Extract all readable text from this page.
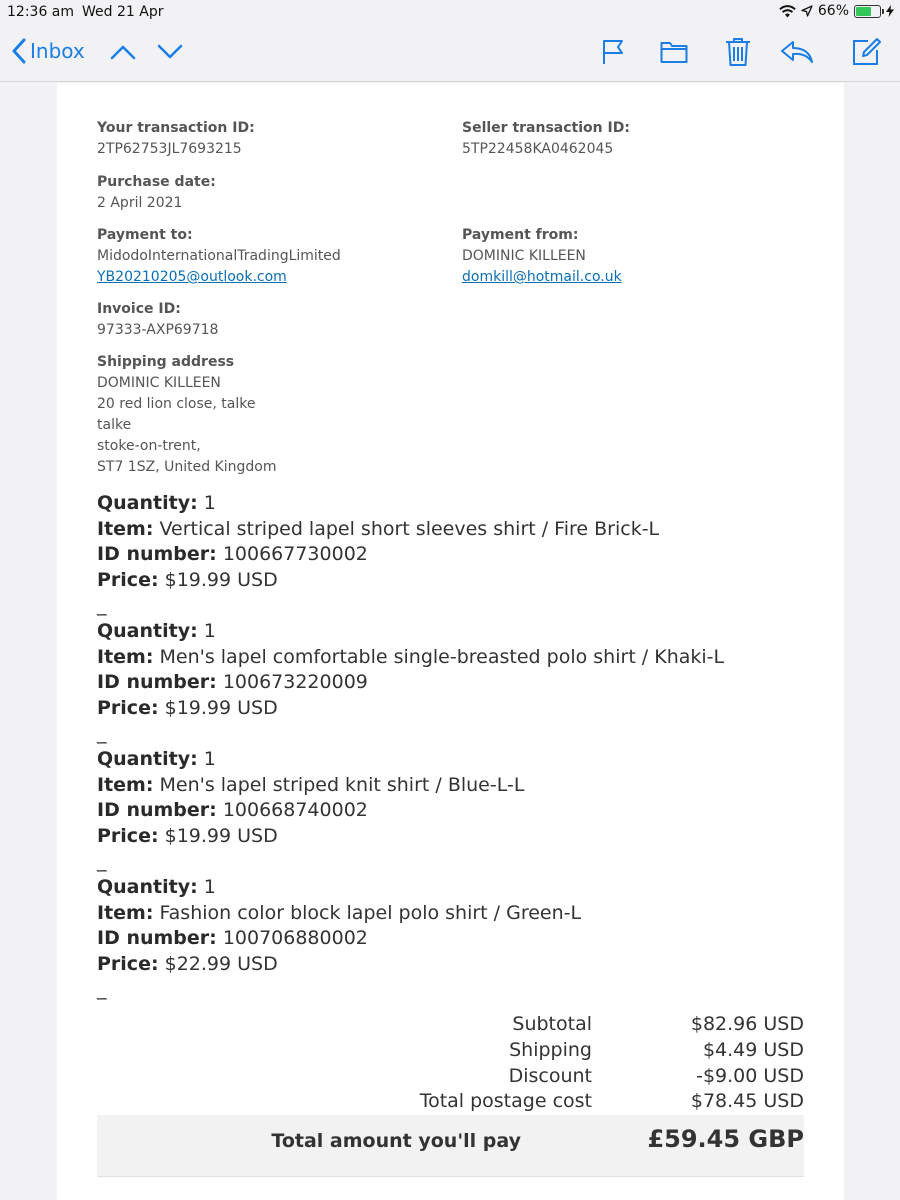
12:36 am Wed 21 Apr	66%
Inbox
Your transaction ID:
2TP62753JL7693215
Seller transaction ID:
5TP22458KA0462045
Purchase date:
2 April 2021
Payment to:
MidodoInternationalTradingLimited
YB20210205@outlook.com
Payment from:
DOMINIC KILLEEN
domkill@hotmail.co.uk
Invoice ID:
97333-AXP69718
Shipping address
DOMINIC KILLEEN
20 red lion close, talke
talke
stoke-on-trent,
ST7 1SZ, United Kingdom
Quantity: 1
Item: Vertical striped lapel short sleeves shirt / Fire Brick-L
ID number: 100667730002
Price: $19.99 USD
_
Quantity: 1
Item: Men's lapel comfortable single-breasted polo shirt / Khaki-L
ID number: 100673220009
Price: $19.99 USD
_
Quantity: 1
Item: Men's lapel striped knit shirt / Blue-L-L
ID number: 100668740002
Price: $19.99 USD
_
Quantity: 1
Item: Fashion color block lapel polo shirt / Green-L
ID number: 100706880002
Price: $22.99 USD
_
Subtotal	$82.96 USD
Shipping	$4.49 USD
Discount	-$9.00 USD
Total postage cost	$78.45 USD
Total amount you'll pay	£59.45 GBP
